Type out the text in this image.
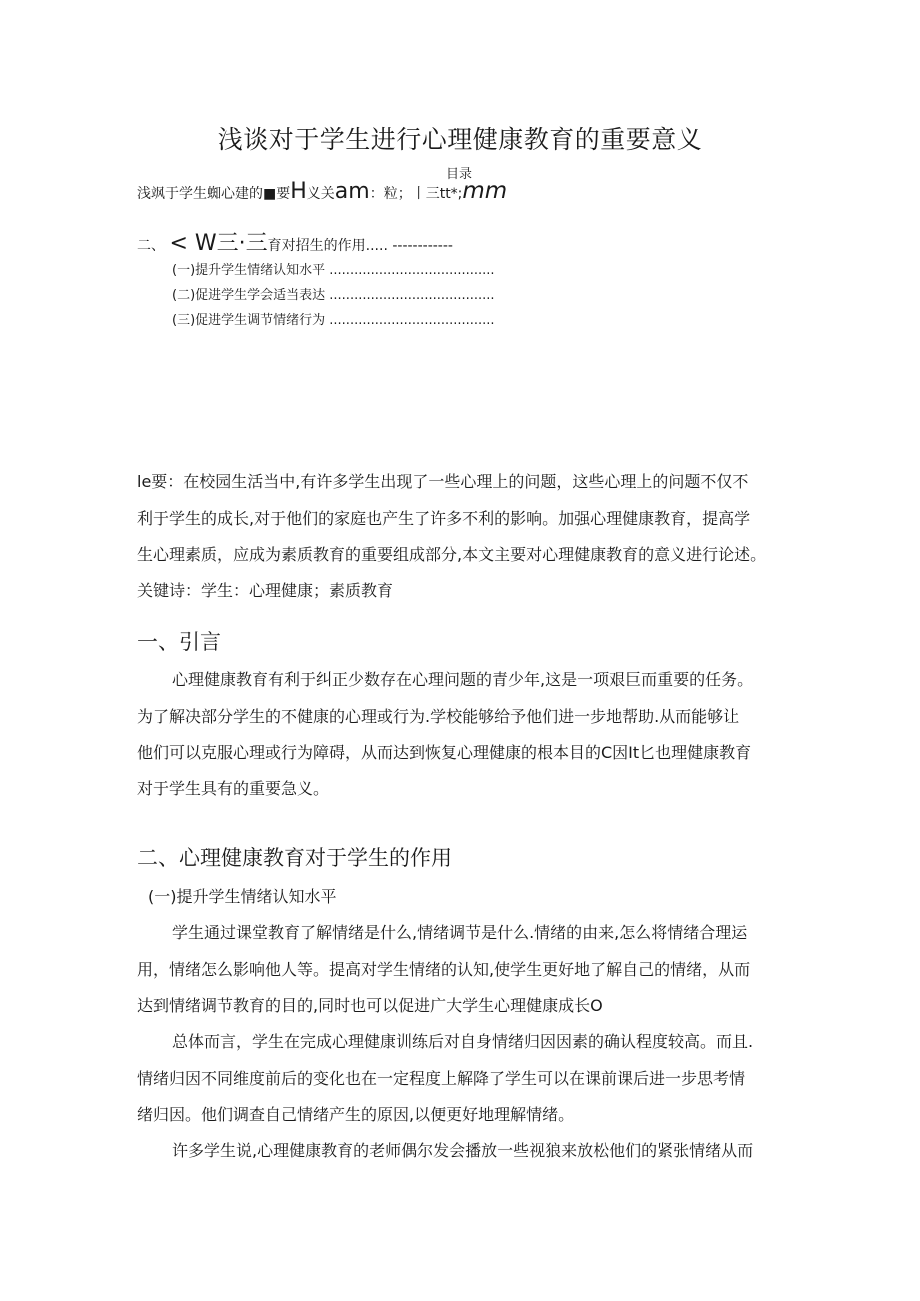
浅谈对于学生进行心理健康教育的重要意义
目录
浅飒于学生蜘心建的■要H义关am：粒；丨三tt*;mm
二、 < W三·三育对招生的作用..... ------------
(一)提升学生情绪认知水平 ........................................
(二)促进学生学会适当表达 ........................................
(三)促进学生调节情绪行为 ........................................
le要：在校园生活当中,有许多学生出现了一些心理上的问题，这些心理上的问题不仅不
利于学生的成长,对于他们的家庭也产生了许多不利的影响。加强心理健康教育，提高学
生心理素质，应成为素质教育的重要组成部分,本文主要对心理健康教育的意义进行论述。
关键诗：学生：心理健康；素质教育
一、引言
心理健康教育有利于纠正少数存在心理问题的青少年,这是一项艰巨而重要的任务。
为了解决部分学生的不健康的心理或行为.学校能够给予他们进一步地帮助.从而能够让
他们可以克服心理或行为障碍，从而达到恢复心理健康的根本目的C因It匕也理健康教育
对于学生具有的重要急义。
二、心理健康教育对于学生的作用
(一)提升学生情绪认知水平
学生通过课堂教育了解情绪是什么,情绪调节是什么.情绪的由来,怎么将情绪合理运
用，情绪怎么影响他人等。提高对学生情绪的认知,使学生更好地了解自己的情绪，从而
达到情绪调节教育的目的,同时也可以促进广大学生心理健康成长O
总体而言，学生在完成心理健康训练后对自身情绪归因因素的确认程度较高。而且.
情绪归因不同维度前后的变化也在一定程度上解降了学生可以在课前课后进一步思考情
绪归因。他们调查自己情绪产生的原因,以便更好地理解情绪。
许多学生说,心理健康教育的老师偶尔发会播放一些视狼来放松他们的紧张情绪从而
